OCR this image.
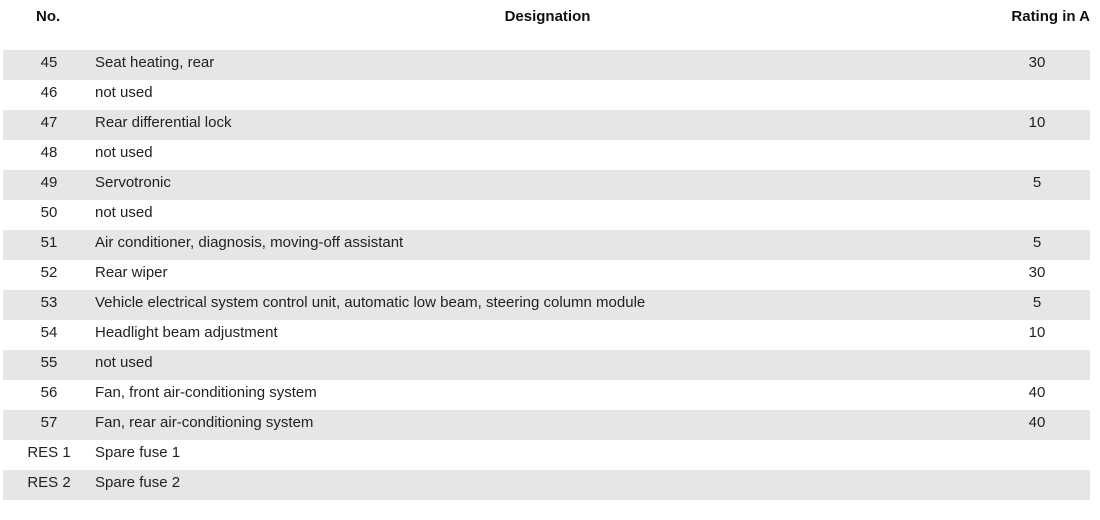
No.	Designation	Rating in A
45	Seat heating, rear	30
46	not used
47	Rear differential lock	10
48	not used
49	Servotronic	5
50	not used
51	Air conditioner, diagnosis, moving-off assistant	5
52	Rear wiper	30
53	Vehicle electrical system control unit, automatic low beam, steering column module	5
54	Headlight beam adjustment	10
55	not used
56	Fan, front air-conditioning system	40
57	Fan, rear air-conditioning system	40
RES 1	Spare fuse 1
RES 2	Spare fuse 2
